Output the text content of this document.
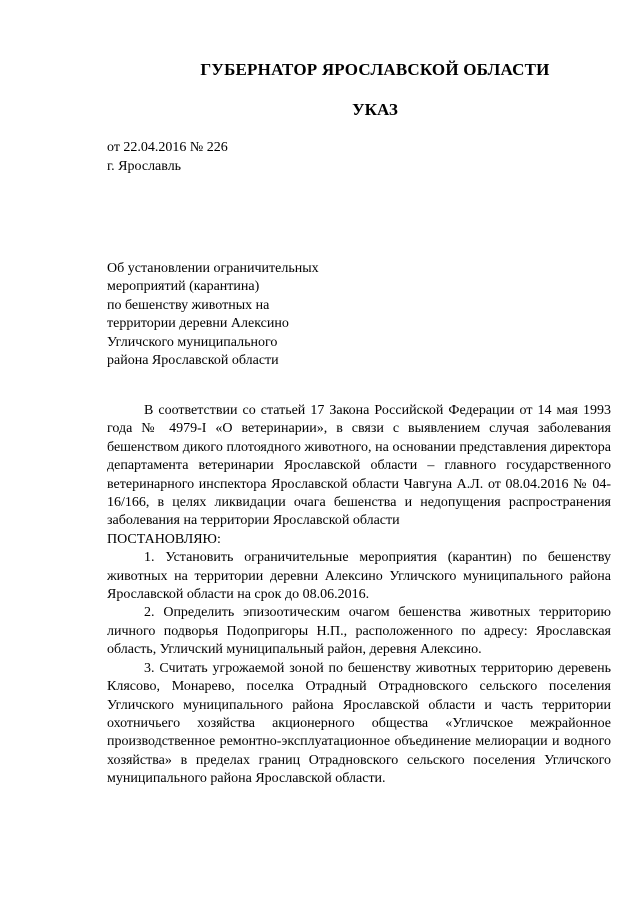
ГУБЕРНАТОР ЯРОСЛАВСКОЙ ОБЛАСТИ
УКАЗ
от 22.04.2016 № 226
г. Ярославль
Об установлении ограничительных
мероприятий (карантина)
по бешенству животных на
территории деревни Алексино
Угличского муниципального
района Ярославской области

В соответствии со статьей 17 Закона Российской Федерации от 14 мая 1993 года № 4979-I «О ветеринарии», в связи с выявлением случая заболевания бешенством дикого плотоядного животного, на основании представления директора департамента ветеринарии Ярославской области – главного государственного ветеринарного инспектора Ярославской области Чавгуна А.Л. от 08.04.2016 № 04-16/166, в целях ликвидации очага бешенства и недопущения распространения заболевания на территории Ярославской области

ПОСТАНОВЛЯЮ:

1. Установить ограничительные мероприятия (карантин) по бешенству животных на территории деревни Алексино Угличского муниципального района Ярославской области на срок до 08.06.2016.

2. Определить эпизоотическим очагом бешенства животных территорию личного подворья Подопригоры Н.П., расположенного по адресу: Ярославская область, Угличский муниципальный район, деревня Алексино.

3. Считать угрожаемой зоной по бешенству животных территорию деревень Клясово, Монарево, поселка Отрадный Отрадновского сельского поселения Угличского муниципального района Ярославской области и часть территории охотничьего хозяйства акционерного общества «Угличское межрайонное производственное ремонтно-эксплуатационное объединение мелиорации и водного хозяйства» в пределах границ Отрадновского сельского поселения Угличского муниципального района Ярославской области.
